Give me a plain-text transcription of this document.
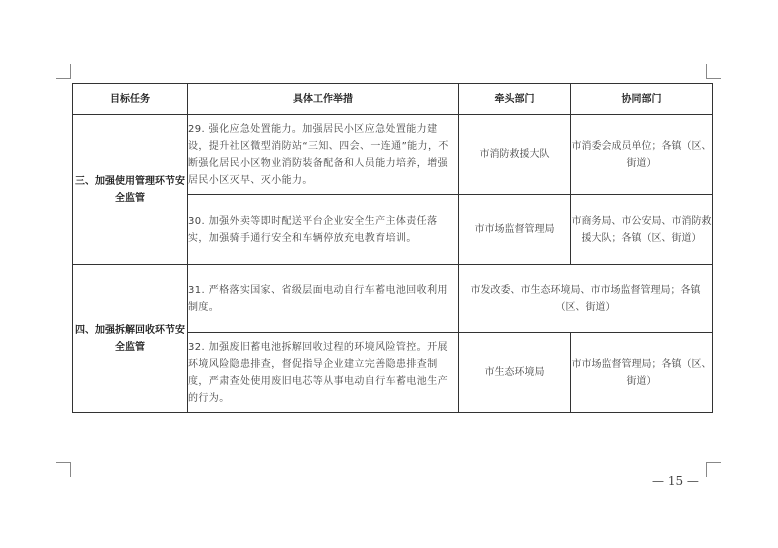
目标任务	具体工作举措	牵头部门	协同部门
三、加强使用管理环节安全监管	29. 强化应急处置能力。加强居民小区应急处置能力建设，提升社区微型消防站“三知、四会、一连通”能力，不断强化居民小区物业消防装备配备和人员能力培养，增强居民小区灭早、灭小能力。	市消防救援大队	市消委会成员单位；各镇（区、街道）
	30. 加强外卖等即时配送平台企业安全生产主体责任落实，加强骑手通行安全和车辆停放充电教育培训。	市市场监督管理局	市商务局、市公安局、市消防救援大队；各镇（区、街道）
四、加强拆解回收环节安全监管	31. 严格落实国家、省级层面电动自行车蓄电池回收利用制度。	市发改委、市生态环境局、市市场监督管理局；各镇（区、街道）	
	32. 加强废旧蓄电池拆解回收过程的环境风险管控。开展环境风险隐患排查，督促指导企业建立完善隐患排查制度，严肃查处使用废旧电芯等从事电动自行车蓄电池生产的行为。	市生态环境局	市市场监督管理局；各镇（区、街道）
— 15 —
